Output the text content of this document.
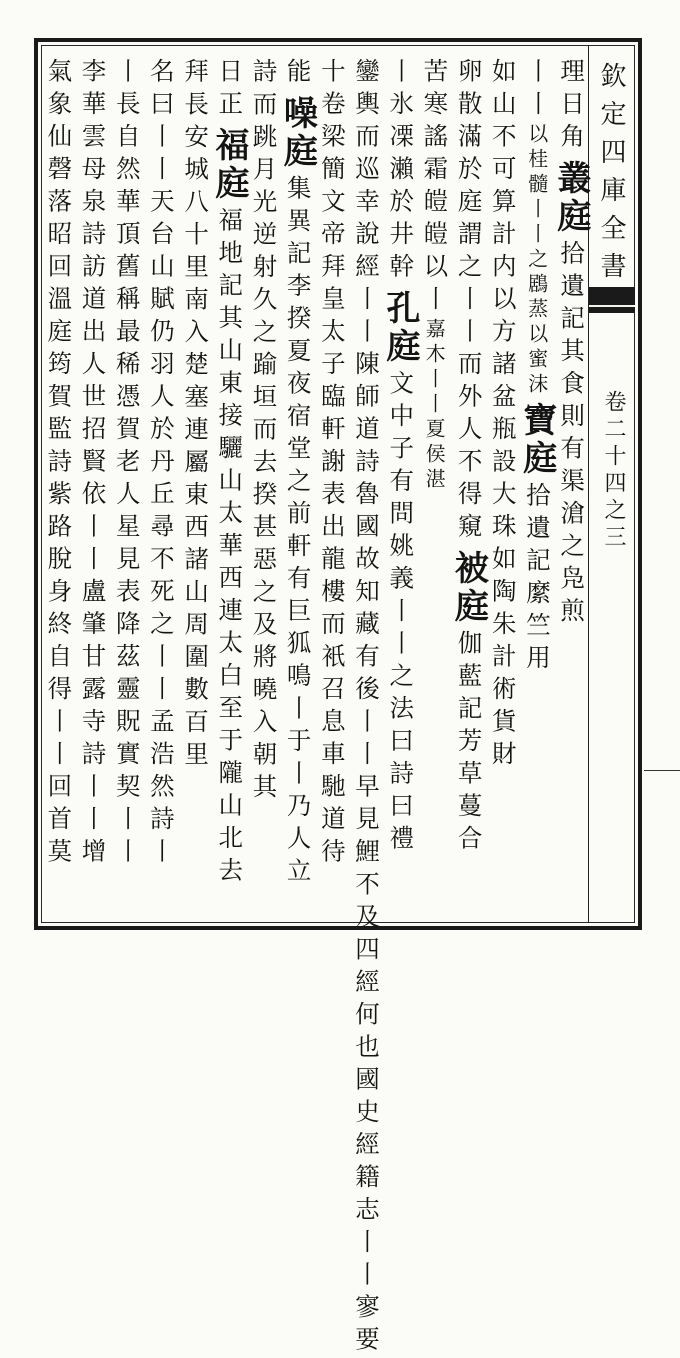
欽定四庫全書
卷二十四之三
理日角
叢庭
拾遺記其食則有渠滄之凫煎
丨丨
以桂髓丨丨之鶋蒸以蜜沫
寶庭
拾遺記縻竺用
如山不可算計内以方諸盆瓶設大珠如
陶朱計術貨財
卵散滿於庭謂之丨丨而外人不得窺
被庭
伽藍記芳草蔓合
苦寒謠霜皚皚以丨
嘉木丨丨夏侯湛
丨氷凓瀨於井幹
孔庭
文中子有問姚義丨丨之法曰詩曰禮
鑾輿而巡幸說經丨丨陳師道詩魯國故知藏有後丨丨早見鯉
不及四經何也國史經籍志丨丨寥要
十卷梁簡文帝拜皇太子臨軒謝表出龍樓而衹召息車馳道待
能
噪庭
集異記李揆夏夜宿堂之前軒有巨狐鳴丨于丨乃人立
詩
而跳月光逆射久之踰垣而去揆甚惡之及將曉入朝其
日正
福庭
福地記其山東接驪山太華西連太白至于隴山北去
拜
長安城八十里南入楚塞連屬東西諸山周圍數百里
名曰丨丨天台山賦仍羽人於丹丘尋不死之丨丨孟浩然詩丨
丨長自然華頂舊稱最稀憑賀老人星見表降茲靈貺實契丨丨
李華雲母泉詩訪道出人世招賢依丨丨盧肇甘露寺詩丨丨增
氣象仙磬落昭回溫庭筠賀監詩紫路脫身終自得丨丨回首莫
